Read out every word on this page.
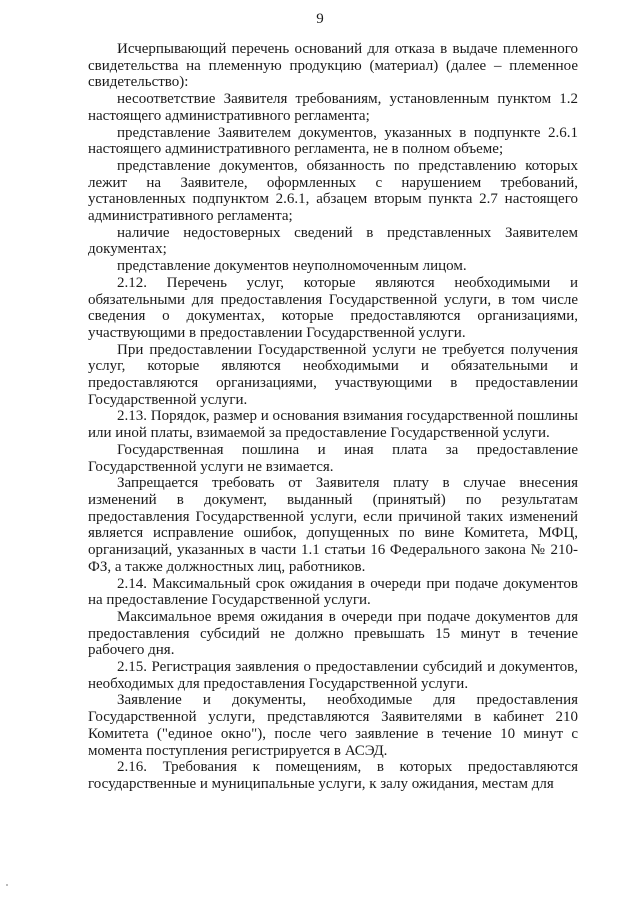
9

Исчерпывающий перечень оснований для отказа в выдаче племенного свидетельства на племенную продукцию (материал) (далее – племенное свидетельство):

несоответствие Заявителя требованиям, установленным пунктом 1.2 настоящего административного регламента;

представление Заявителем документов, указанных в подпункте 2.6.1 настоящего административного регламента, не в полном объеме;

представление документов, обязанность по представлению которых лежит на Заявителе, оформленных с нарушением требований, установленных подпунктом 2.6.1, абзацем вторым пункта 2.7 настоящего административного регламента;

наличие недостоверных сведений в представленных Заявителем документах;

представление документов неуполномоченным лицом.

2.12. Перечень услуг, которые являются необходимыми и обязательными для предоставления Государственной услуги, в том числе сведения о документах, которые предоставляются организациями, участвующими в предоставлении Государственной услуги.

При предоставлении Государственной услуги не требуется получения услуг, которые являются необходимыми и обязательными и предоставляются организациями, участвующими в предоставлении Государственной услуги.

2.13. Порядок, размер и основания взимания государственной пошлины или иной платы, взимаемой за предоставление Государственной услуги.

Государственная пошлина и иная плата за предоставление Государственной услуги не взимается.

Запрещается требовать от Заявителя плату в случае внесения изменений в документ, выданный (принятый) по результатам предоставления Государственной услуги, если причиной таких изменений является исправление ошибок, допущенных по вине Комитета, МФЦ, организаций, указанных в части 1.1 статьи 16 Федерального закона № 210-ФЗ, а также должностных лиц, работников.

2.14. Максимальный срок ожидания в очереди при подаче документов на предоставление Государственной услуги.

Максимальное время ожидания в очереди при подаче документов для предоставления субсидий не должно превышать 15 минут в течение рабочего дня.

2.15. Регистрация заявления о предоставлении субсидий и документов, необходимых для предоставления Государственной услуги.

Заявление и документы, необходимые для предоставления Государственной услуги, представляются Заявителями в кабинет 210 Комитета ("единое окно"), после чего заявление в течение 10 минут с момента поступления регистрируется в АСЭД.

2.16. Требования к помещениям, в которых предоставляются государственные и муниципальные услуги, к залу ожидания, местам для
